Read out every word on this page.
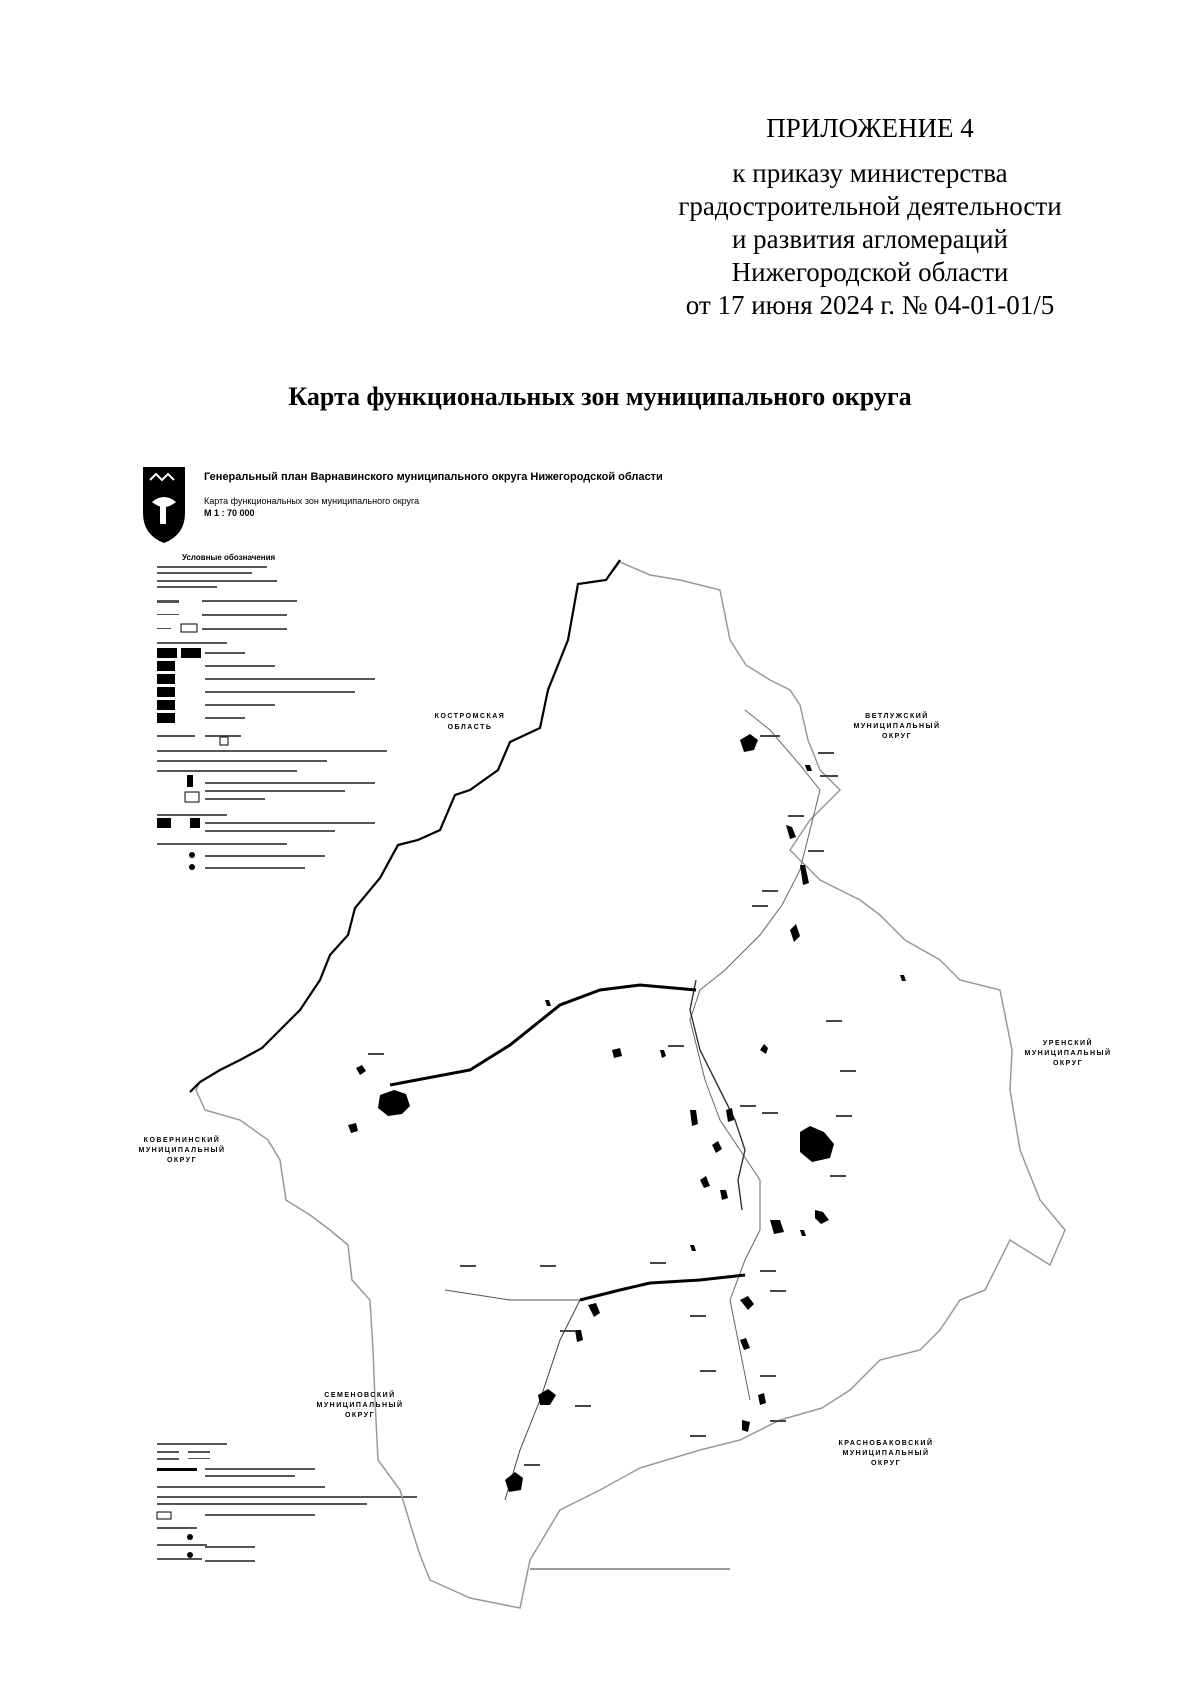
ПРИЛОЖЕНИЕ 4
к приказу министерства
градостроительной деятельности
и развития агломераций
Нижегородской области
от 17 июня 2024 г. № 04-01-01/5
Карта функциональных зон муниципального округа
Генеральный план Варнавинского муниципального округа Нижегородской области
Карта функциональных зон муниципального округа
М 1 : 70 000
Условные обозначения
КОСТРОМСКАЯ
ОБЛАСТЬ
ВЕТЛУЖСКИЙ
МУНИЦИПАЛЬНЫЙ
ОКРУГ
УРЕНСКИЙ
МУНИЦИПАЛЬНЫЙ
ОКРУГ
КОВЕРНИНСКИЙ
МУНИЦИПАЛЬНЫЙ
ОКРУГ
СЕМЕНОВСКИЙ
МУНИЦИПАЛЬНЫЙ
ОКРУГ
КРАСНОБАКОВСКИЙ
МУНИЦИПАЛЬНЫЙ
ОКРУГ
